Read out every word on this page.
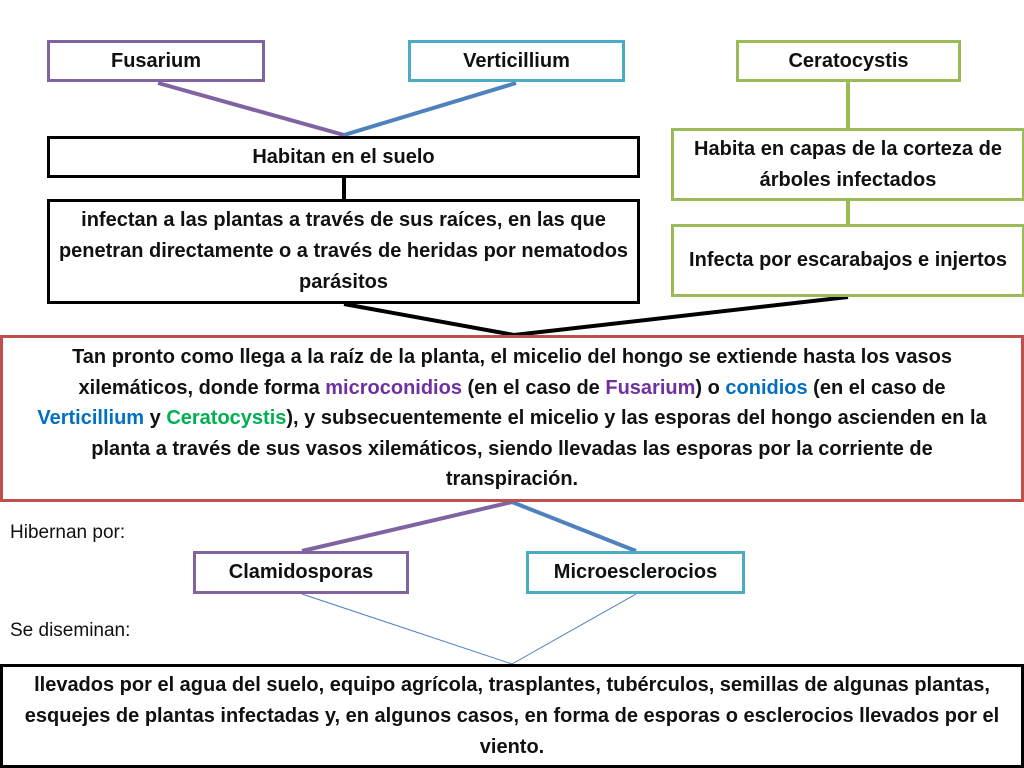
Fusarium	Verticillium	Ceratocystis
Habitan en el suelo
infectan a las plantas a través de sus raíces, en las que penetran directamente o a través de heridas por nematodos parásitos
Habita en capas de la corteza de árboles infectados
Infecta por escarabajos e injertos
Tan pronto como llega a la raíz de la planta, el micelio del hongo se extiende hasta los vasos xilemáticos, donde forma microconidios (en el caso de Fusarium) o conidios (en el caso de Verticillium y Ceratocystis), y subsecuentemente el micelio y las esporas del hongo ascienden en la planta a través de sus vasos xilemáticos, siendo llevadas las esporas por la corriente de transpiración.
Hibernan por:
Clamidosporas	Microesclerocios
Se diseminan:
llevados por el agua del suelo, equipo agrícola, trasplantes, tubérculos, semillas de algunas plantas, esquejes de plantas infectadas y, en algunos casos, en forma de esporas o esclerocios llevados por el viento.
